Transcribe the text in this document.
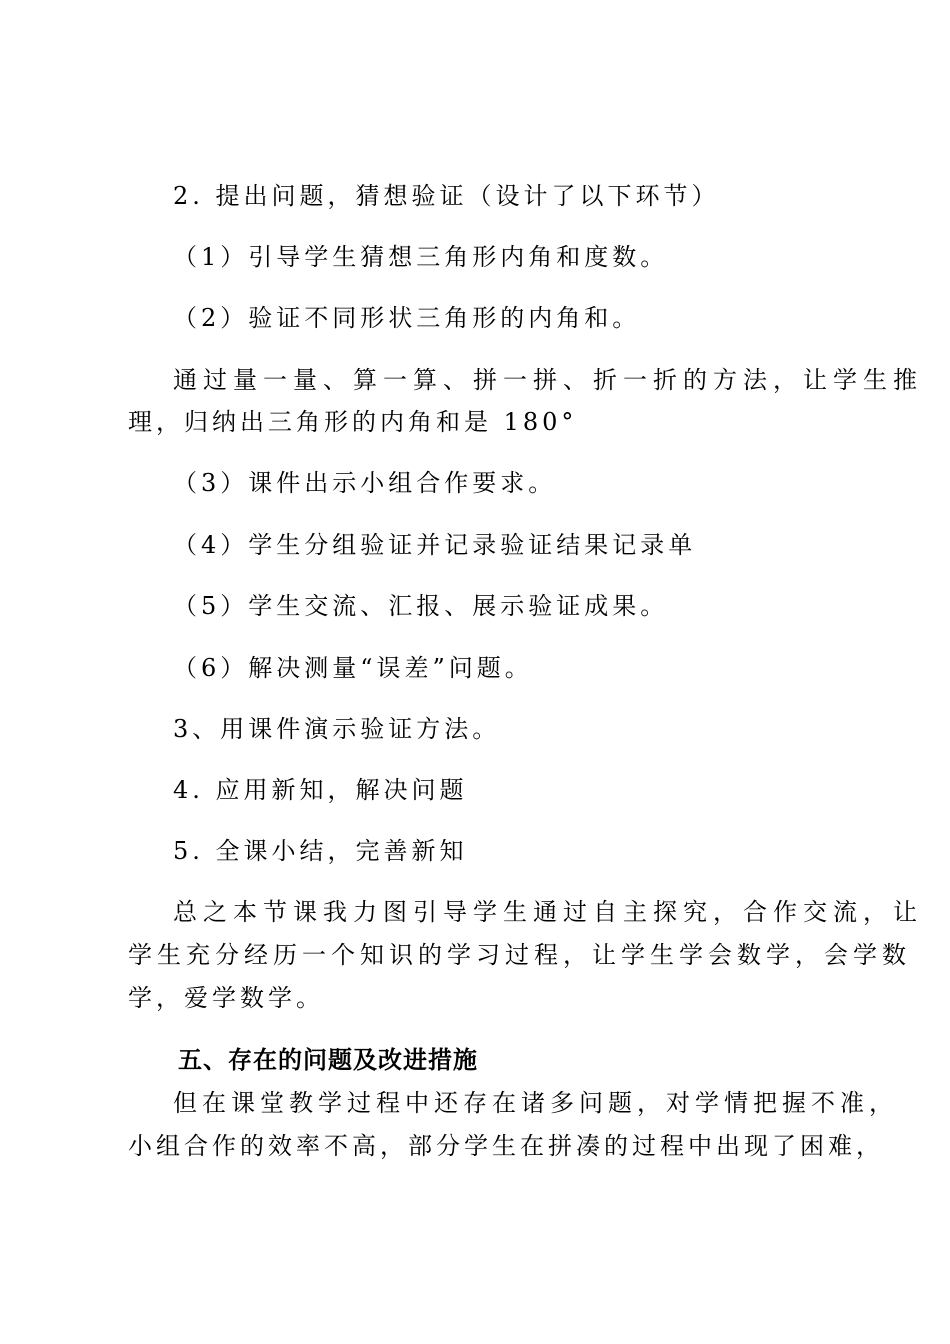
2. 提出问题，猜想验证（设计了以下环节）
（1）引导学生猜想三角形内角和度数。
（2）验证不同形状三角形的内角和。
通过量一量、算一算、拼一拼、折一折的方法，让学生推
理，归纳出三角形的内角和是 180°
（3）课件出示小组合作要求。
（4）学生分组验证并记录验证结果记录单
（5）学生交流、汇报、展示验证成果。
（6）解决测量“误差”问题。
3、用课件演示验证方法。
4. 应用新知，解决问题
5. 全课小结，完善新知
总之本节课我力图引导学生通过自主探究，合作交流，让
学生充分经历一个知识的学习过程，让学生学会数学，会学数
学，爱学数学。
五、存在的问题及改进措施
但在课堂教学过程中还存在诸多问题，对学情把握不准，
小组合作的效率不高，部分学生在拼凑的过程中出现了困难，
